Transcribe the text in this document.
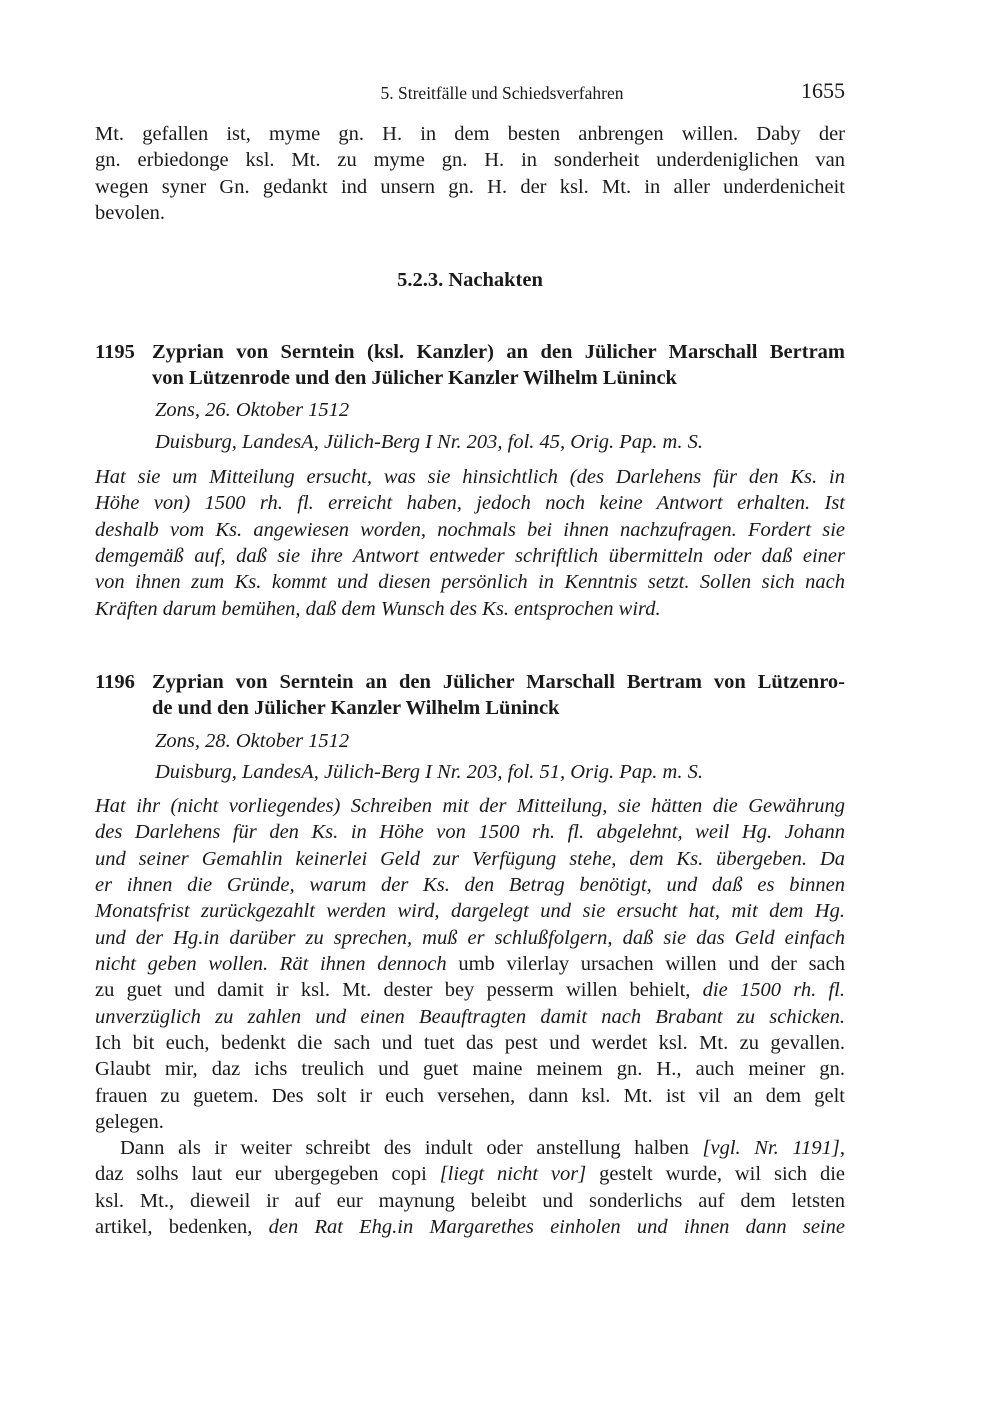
5. Streitfälle und Schiedsverfahren	1655
5.2.3. Nachakten
1195
Zons, 26. Oktober 1512
Duisburg, LandesA, Jülich-Berg I Nr. 203, fol. 45, Orig. Pap. m. S.
1196
Zons, 28. Oktober 1512
Duisburg, LandesA, Jülich-Berg I Nr. 203, fol. 51, Orig. Pap. m. S.
Mt. gefallen ist, myme gn. H. in dem besten anbrengen willen. Daby der
gn. erbiedonge ksl. Mt. zu myme gn. H. in sonderheit underdeniglichen van
wegen syner Gn. gedankt ind unsern gn. H. der ksl. Mt. in aller underdenicheit
bevolen.
Zyprian von Serntein (ksl. Kanzler) an den Jülicher Marschall Bertram
von Lützenrode und den Jülicher Kanzler Wilhelm Lüninck
Hat sie um Mitteilung ersucht, was sie hinsichtlich (des Darlehens für den Ks. in
Höhe von) 1500 rh. fl. erreicht haben, jedoch noch keine Antwort erhalten. Ist
deshalb vom Ks. angewiesen worden, nochmals bei ihnen nachzufragen. Fordert sie
demgemäß auf, daß sie ihre Antwort entweder schriftlich übermitteln oder daß einer
von ihnen zum Ks. kommt und diesen persönlich in Kenntnis setzt. Sollen sich nach
Kräften darum bemühen, daß dem Wunsch des Ks. entsprochen wird.
Zyprian von Serntein an den Jülicher Marschall Bertram von Lützenro-
de und den Jülicher Kanzler Wilhelm Lüninck
Hat ihr (nicht vorliegendes) Schreiben mit der Mitteilung, sie hätten die Gewährung
des Darlehens für den Ks. in Höhe von 1500 rh. fl. abgelehnt, weil Hg. Johann
und seiner Gemahlin keinerlei Geld zur Verfügung stehe, dem Ks. übergeben. Da
er ihnen die Gründe, warum der Ks. den Betrag benötigt, und daß es binnen
Monatsfrist zurückgezahlt werden wird, dargelegt und sie ersucht hat, mit dem Hg.
und der Hg.in darüber zu sprechen, muß er schlußfolgern, daß sie das Geld einfach
nicht geben wollen. Rät ihnen dennoch umb vilerlay ursachen willen und der sach
zu guet und damit ir ksl. Mt. dester bey pesserm willen behielt, die 1500 rh. fl.
unverzüglich zu zahlen und einen Beauftragten damit nach Brabant zu schicken.
Ich bit euch, bedenkt die sach und tuet das pest und werdet ksl. Mt. zu gevallen.
Glaubt mir, daz ichs treulich und guet maine meinem gn. H., auch meiner gn.
frauen zu guetem. Des solt ir euch versehen, dann ksl. Mt. ist vil an dem gelt
gelegen.
Dann als ir weiter schreibt des indult oder anstellung halben [vgl. Nr. 1191],
daz solhs laut eur ubergegeben copi [liegt nicht vor] gestelt wurde, wil sich die
ksl. Mt., dieweil ir auf eur maynung beleibt und sonderlichs auf dem letsten
artikel, bedenken, den Rat Ehg.in Margarethes einholen und ihnen dann seine
